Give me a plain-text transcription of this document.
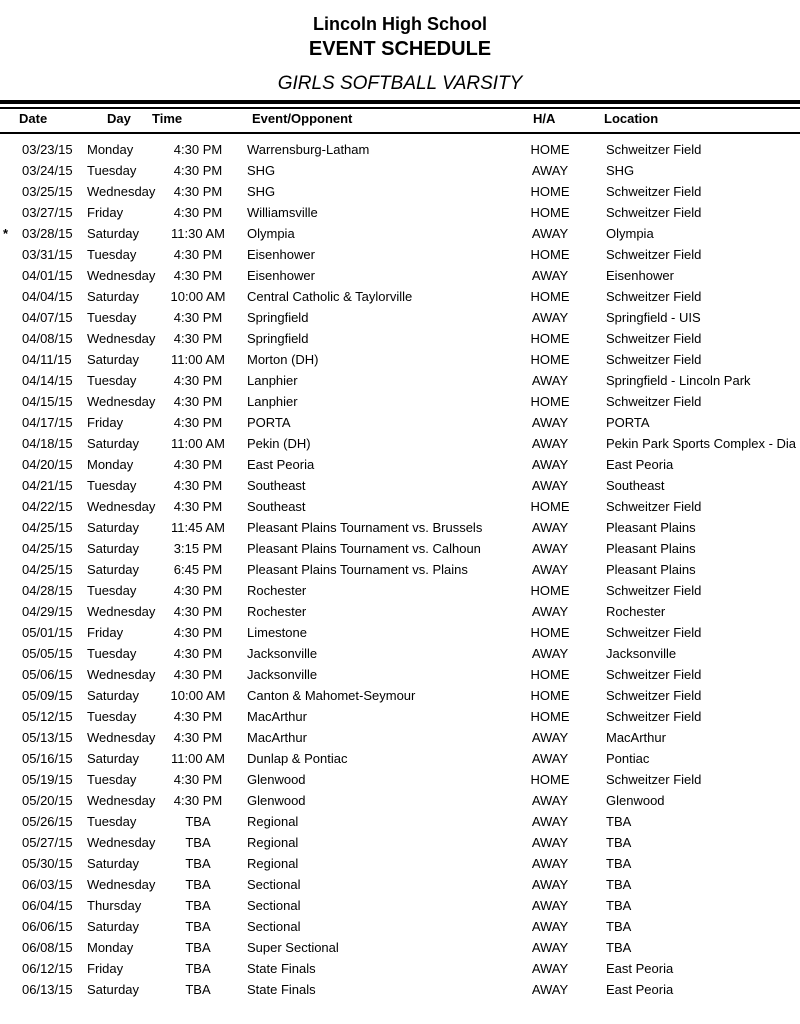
Lincoln High School
EVENT SCHEDULE
GIRLS SOFTBALL VARSITY
Date	Day Time	Event/Opponent	H/A	Location
03/23/15	Monday	4:30 PM	Warrensburg-Latham	HOME	Schweitzer Field
03/24/15	Tuesday	4:30 PM	SHG	AWAY	SHG
03/25/15	Wednesday	4:30 PM	SHG	HOME	Schweitzer Field
03/27/15	Friday	4:30 PM	Williamsville	HOME	Schweitzer Field
*	03/28/15	Saturday	11:30 AM	Olympia	AWAY	Olympia
03/31/15	Tuesday	4:30 PM	Eisenhower	HOME	Schweitzer Field
04/01/15	Wednesday	4:30 PM	Eisenhower	AWAY	Eisenhower
04/04/15	Saturday	10:00 AM	Central Catholic & Taylorville	HOME	Schweitzer Field
04/07/15	Tuesday	4:30 PM	Springfield	AWAY	Springfield - UIS
04/08/15	Wednesday	4:30 PM	Springfield	HOME	Schweitzer Field
04/11/15	Saturday	11:00 AM	Morton (DH)	HOME	Schweitzer Field
04/14/15	Tuesday	4:30 PM	Lanphier	AWAY	Springfield - Lincoln Park
04/15/15	Wednesday	4:30 PM	Lanphier	HOME	Schweitzer Field
04/17/15	Friday	4:30 PM	PORTA	AWAY	PORTA
04/18/15	Saturday	11:00 AM	Pekin (DH)	AWAY	Pekin Park Sports Complex - Dia
04/20/15	Monday	4:30 PM	East Peoria	AWAY	East Peoria
04/21/15	Tuesday	4:30 PM	Southeast	AWAY	Southeast
04/22/15	Wednesday	4:30 PM	Southeast	HOME	Schweitzer Field
04/25/15	Saturday	11:45 AM	Pleasant Plains Tournament vs. Brussels	AWAY	Pleasant Plains
04/25/15	Saturday	3:15 PM	Pleasant Plains Tournament vs. Calhoun	AWAY	Pleasant Plains
04/25/15	Saturday	6:45 PM	Pleasant Plains Tournament vs. Plains	AWAY	Pleasant Plains
04/28/15	Tuesday	4:30 PM	Rochester	HOME	Schweitzer Field
04/29/15	Wednesday	4:30 PM	Rochester	AWAY	Rochester
05/01/15	Friday	4:30 PM	Limestone	HOME	Schweitzer Field
05/05/15	Tuesday	4:30 PM	Jacksonville	AWAY	Jacksonville
05/06/15	Wednesday	4:30 PM	Jacksonville	HOME	Schweitzer Field
05/09/15	Saturday	10:00 AM	Canton & Mahomet-Seymour	HOME	Schweitzer Field
05/12/15	Tuesday	4:30 PM	MacArthur	HOME	Schweitzer Field
05/13/15	Wednesday	4:30 PM	MacArthur	AWAY	MacArthur
05/16/15	Saturday	11:00 AM	Dunlap & Pontiac	AWAY	Pontiac
05/19/15	Tuesday	4:30 PM	Glenwood	HOME	Schweitzer Field
05/20/15	Wednesday	4:30 PM	Glenwood	AWAY	Glenwood
05/26/15	Tuesday	TBA	Regional	AWAY	TBA
05/27/15	Wednesday	TBA	Regional	AWAY	TBA
05/30/15	Saturday	TBA	Regional	AWAY	TBA
06/03/15	Wednesday	TBA	Sectional	AWAY	TBA
06/04/15	Thursday	TBA	Sectional	AWAY	TBA
06/06/15	Saturday	TBA	Sectional	AWAY	TBA
06/08/15	Monday	TBA	Super Sectional	AWAY	TBA
06/12/15	Friday	TBA	State Finals	AWAY	East Peoria
06/13/15	Saturday	TBA	State Finals	AWAY	East Peoria
